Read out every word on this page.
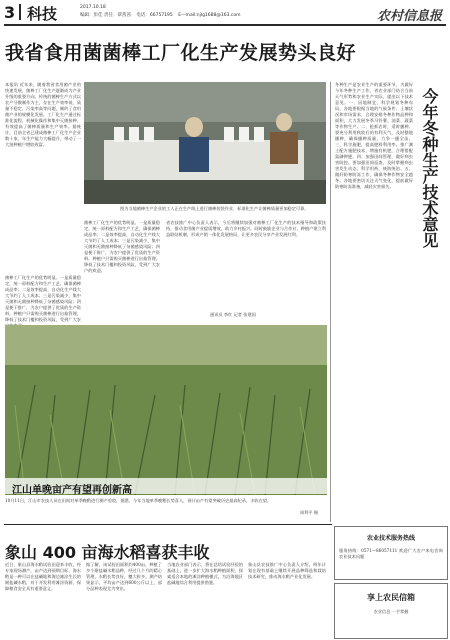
3 科技	2017.10.18
编辑：彭佳 责任：覃茜茜 电话：66757195 E—mail:njlg1688@163.com	农村信息报
我省食用菌菌棒工厂化生产发展势头良好
本报讯 近年来，随着我省食用菌产业的快速发展，菌棒工厂化生产逐渐成为产业升级的重要方向。传统的菌棒生产方式以农户分散制作为主，存在生产效率低、质量不稳定、污染率高等问题，制约了食用菌产业的规模化发展。工厂化生产通过标准化流程、机械化操作和集中灭菌接种，有效提高了菌棒质量和生产效率。据统计，目前全省已建成菌棒工厂化生产企业数十家，年生产能力大幅提升，带动了一大批种植户增收致富。
图为当地菌棒生产企业的工人正在生产线上进行菌棒装袋作业，标准化生产让菌棒质量更加稳定可靠。
菌棒工厂化生产的优势明显。一是质量稳定，统一原料配方和生产工艺，确保菌棒成品率；二是效率提高，自动化生产线大大节约了人工成本；三是污染减少，集中灭菌和无菌接种降低了杂菌感染风险；四是便于推广，为农户提供了优质的生产资料。种植户只需购买菌棒进行出菇管理，降低了技术门槛和投资风险，受到广大农户的欢迎。
省农技推广中心负责人表示，今后将继续加强对菌棒工厂化生产的技术指导和政策扶持，推动食用菌产业提质增效，助力乡村振兴。同时鼓励企业与合作社、种植户建立利益联结机制，形成产销一体化发展格局，让更多农民分享产业发展红利。
通讯员 李红 记者 张建国
菌棒工厂化生产的优势明显。一是质量稳定，统一原料配方和生产工艺，确保菌棒成品率；二是效率提高，自动化生产线大大节约了人工成本；三是污染减少，集中灭菌和无菌接种降低了杂菌感染风险；四是便于推广，为农户提供了优质的生产资料。种植户只需购买菌棒进行出菇管理，降低了技术门槛和投资风险，受到广大农
今年冬种生产技术意见
冬种生产是农业生产的重要环节，为做好今年冬种生产工作，省农业部门结合当前天气形势和农业生产实际，提出以下技术意见。一、因地制宜，科学规划冬种布局。各地要根据当地的气候条件、土壤状况和市场需求，合理安排冬种作物品种和面积，大力发展冬季马铃薯、油菜、蔬菜等作物生产。二、抢抓农时，适时播种。要充分利用秋收后的有利天气，及时整地播种，确保播种质量，力争一播全苗。三、科学施肥，提高肥料利用率。推广测土配方施肥技术，增施有机肥，合理搭配氮磷钾肥。四、加强田间管理，做好病虫害防控。要加强田间巡查，及时掌握病虫害发生动态，科学用药，统防统治。五、做好防寒防冻工作，确保冬种作物安全越冬。各地要密切关注天气变化，提前做好防寒防冻准备，减轻灾害损失。
江山单晚亩产有望再创新高
10月11日，江山市农技人员在田间对单季晚稻进行测产验收，据悉，今年当地单季晚稻长势喜人，预计亩产有望突破历史最高纪录，丰收在望。
周利平 摄
象山 400 亩海水稻喜获丰收
近日，象山县海水稻试验田迎来丰收，经专家现场测产，亩产达到预期目标。海水稻是一种可以在盐碱地和海边滩涂生长的耐盐碱水稻，对于开发利用滩涂资源、保障粮食安全具有重要意义。
据了解，该试验田面积约400亩，种植了多个耐盐碱水稻品种，经过几个月的精心管理，水稻长势良好，穗大粒多。测产结果显示，平均亩产达到600公斤以上，部分品种表现尤为突出。
当地农业部门表示，将在总结试验经验的基础上，进一步扩大海水稻种植面积，探索适合本地的滩涂种植模式，为沿海地区盐碱地综合利用提供借鉴。
象山县农技推广中心负责人介绍，明年计划在现有基础上继续开展品种筛选和栽培技术研究，推动海水稻产业化发展。
农业技术服务热线
服务热线：0571—86057111 欢迎广大农户来电咨询农业技术问题
享上农民信箱
农业信息 一手掌握
